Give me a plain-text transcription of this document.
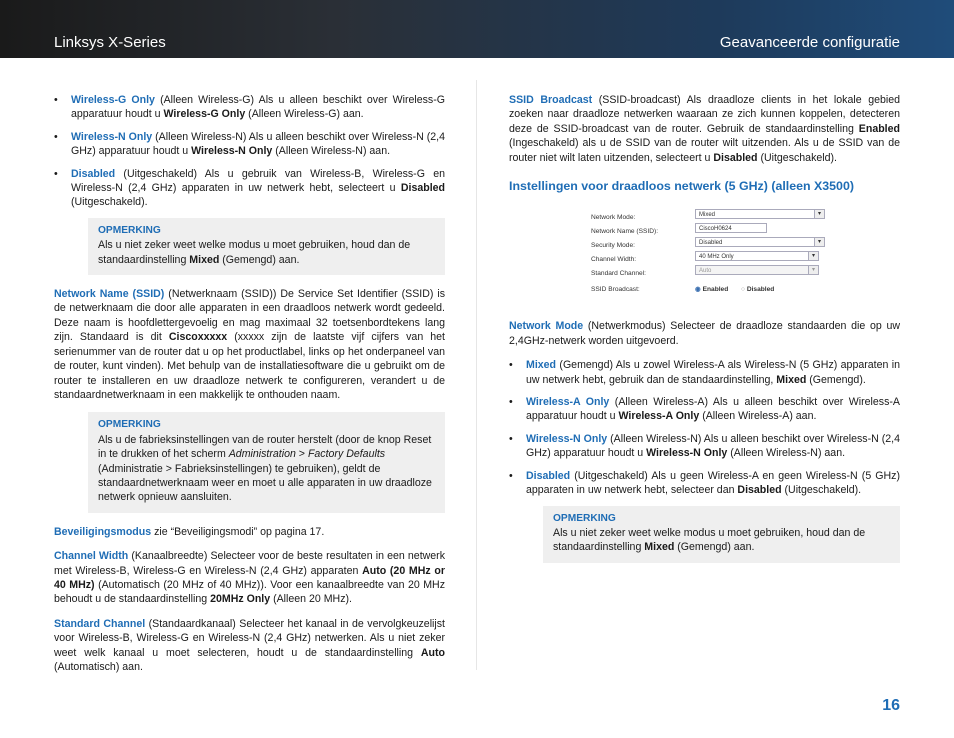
Linksys X-Series	Geavanceerde configuratie
• Wireless-G Only (Alleen Wireless-G) Als u alleen beschikt over Wireless-G apparatuur houdt u Wireless-G Only (Alleen Wireless-G) aan.
• Wireless-N Only (Alleen Wireless-N) Als u alleen beschikt over Wireless-N (2,4 GHz) apparatuur houdt u Wireless-N Only (Alleen Wireless-N) aan.
• Disabled (Uitgeschakeld) Als u gebruik van Wireless-B, Wireless-G en Wireless-N (2,4 GHz) apparaten in uw netwerk hebt, selecteert u Disabled (Uitgeschakeld).
OPMERKING
Als u niet zeker weet welke modus u moet gebruiken, houd dan de standaardinstelling Mixed (Gemengd) aan.

Network Name (SSID) (Netwerknaam (SSID)) De Service Set Identifier (SSID) is de netwerknaam die door alle apparaten in een draadloos netwerk wordt gedeeld. Deze naam is hoofdlettergevoelig en mag maximaal 32 toetsenbordtekens lang zijn. Standaard is dit Ciscoxxxxx (xxxxx zijn de laatste vijf cijfers van het serienummer van de router dat u op het productlabel, links op het onderpaneel van de router, kunt vinden). Met behulp van de installatiesoftware die u gebruikt om de router te installeren en uw draadloze netwerk te configureren, verandert u de standaardnetwerknaam in een makkelijk te onthouden naam.

OPMERKING
Als u de fabrieksinstellingen van de router herstelt (door de knop Reset in te drukken of het scherm Administration > Factory Defaults (Administratie > Fabrieksinstellingen) te gebruiken), geldt de standaardnetwerknaam weer en moet u alle apparaten in uw draadloze netwerk opnieuw aansluiten.

Beveiligingsmodus zie “Beveiligingsmodi” op pagina 17.

Channel Width (Kanaalbreedte) Selecteer voor de beste resultaten in een netwerk met Wireless-B, Wireless-G en Wireless-N (2,4 GHz) apparaten Auto (20 MHz or 40 MHz) (Automatisch (20 MHz of 40 MHz)). Voor een kanaalbreedte van 20 MHz behoudt u de standaardinstelling 20MHz Only (Alleen 20 MHz).

Standard Channel (Standaardkanaal) Selecteer het kanaal in de vervolgkeuzelijst voor Wireless-B, Wireless-G en Wireless-N (2,4 GHz) netwerken. Als u niet zeker weet welk kanaal u moet selecteren, houdt u de standaardinstelling Auto (Automatisch) aan.

SSID Broadcast (SSID-broadcast) Als draadloze clients in het lokale gebied zoeken naar draadloze netwerken waaraan ze zich kunnen koppelen, detecteren deze de SSID-broadcast van de router. Gebruik de standaardinstelling Enabled (Ingeschakeld) als u de SSID van de router wilt uitzenden. Als u de SSID van de router niet wilt laten uitzenden, selecteert u Disabled (Uitgeschakeld).

Instellingen voor draadloos netwerk (5 GHz) (alleen X3500)
Network Mode:	Mixed	▾
Network Name (SSID):	CiscoH0624
Security Mode:	Disabled	▾
Channel Width:	40 MHz Only	▾
Standard Channel:	Auto	▾
SSID Broadcast:	◉ Enabled ○ Disabled

Network Mode (Netwerkmodus) Selecteer de draadloze standaarden die op uw 2,4GHz-netwerk worden uitgevoerd.

• Mixed (Gemengd) Als u zowel Wireless-A als Wireless-N (5 GHz) apparaten in uw netwerk hebt, gebruik dan de standaardinstelling, Mixed (Gemengd).
• Wireless-A Only (Alleen Wireless-A) Als u alleen beschikt over Wireless-A apparatuur houdt u Wireless-A Only (Alleen Wireless-A) aan.
• Wireless-N Only (Alleen Wireless-N) Als u alleen beschikt over Wireless-N (2,4 GHz) apparatuur houdt u Wireless-N Only (Alleen Wireless-N) aan.
• Disabled (Uitgeschakeld) Als u geen Wireless-A en geen Wireless-N (5 GHz) apparaten in uw netwerk hebt, selecteer dan Disabled (Uitgeschakeld).
OPMERKING
Als u niet zeker weet welke modus u moet gebruiken, houd dan de standaardinstelling Mixed (Gemengd) aan.
16
